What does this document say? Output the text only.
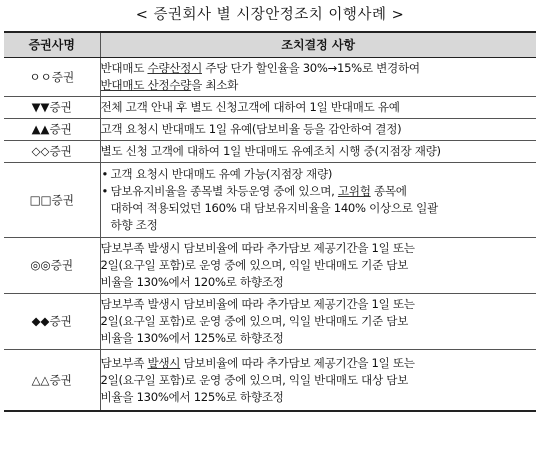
< 증권회사 별 시장안정조치 이행사례 >
증권사명	조치결정 사항
ㅇㅇ증권	반대매도 수량산정시 주당 단가 할인율을 30%→15%로 변경하여
반대매도 산정수량을 최소화

▼▼증권	전체 고객 안내 후 별도 신청고객에 대하여 1일 반대매도 유예

▲▲증권	고객 요청시 반대매도 1일 유예(담보비율 등을 감안하여 결정)

◇◇증권	별도 신청 고객에 대하여 1일 반대매도 유예조치 시행 중(지점장 재량)

□□증권	• 고객 요청시 반대매도 유예 가능(지점장 재량)
• 담보유지비율을 종목별 차등운영 중에 있으며, 고위험 종목에
대하여 적용되었던 160% 대 담보유지비율을 140% 이상으로 일괄
하향 조정

◎◎증권	담보부족 발생시 담보비율에 따라 추가담보 제공기간을 1일 또는
2일(요구일 포함)로 운영 중에 있으며, 익일 반대매도 기준 담보
비율을 130%에서 120%로 하향조정

◆◆증권	담보부족 발생시 담보비율에 따라 추가담보 제공기간을 1일 또는
2일(요구일 포함)로 운영 중에 있으며, 익일 반대매도 기준 담보
비율을 130%에서 125%로 하향조정

△△증권	담보부족 발생시 담보비율에 따라 추가담보 제공기간을 1일 또는
2일(요구일 포함)로 운영 중에 있으며, 익일 반대매도 대상 담보
비율을 130%에서 125%로 하향조정
